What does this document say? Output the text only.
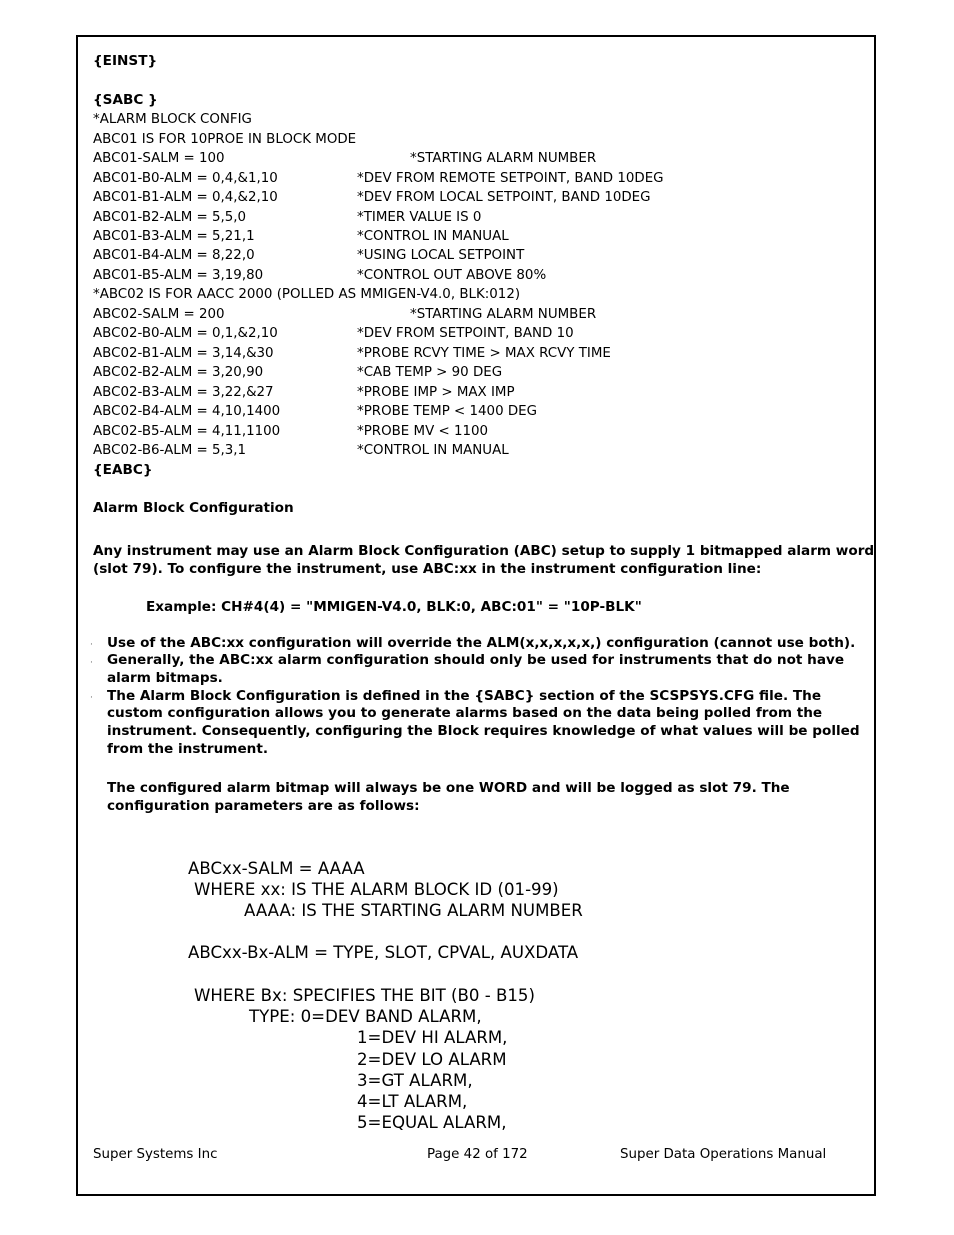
{EINST}
{SABC }
*ALARM BLOCK CONFIG
ABC01 IS FOR 10PROE IN BLOCK MODE
ABC01-SALM = 100	*STARTING ALARM NUMBER
ABC01-B0-ALM = 0,4,&1,10	*DEV FROM REMOTE SETPOINT, BAND 10DEG
ABC01-B1-ALM = 0,4,&2,10	*DEV FROM LOCAL SETPOINT, BAND 10DEG
ABC01-B2-ALM = 5,5,0	*TIMER VALUE IS 0
ABC01-B3-ALM = 5,21,1	*CONTROL IN MANUAL
ABC01-B4-ALM = 8,22,0	*USING LOCAL SETPOINT
ABC01-B5-ALM = 3,19,80	*CONTROL OUT ABOVE 80%
*ABC02 IS FOR AACC 2000 (POLLED AS MMIGEN-V4.0, BLK:012)
ABC02-SALM = 200	*STARTING ALARM NUMBER
ABC02-B0-ALM = 0,1,&2,10	*DEV FROM SETPOINT, BAND 10
ABC02-B1-ALM = 3,14,&30	*PROBE RCVY TIME > MAX RCVY TIME
ABC02-B2-ALM = 3,20,90	*CAB TEMP > 90 DEG
ABC02-B3-ALM = 3,22,&27	*PROBE IMP > MAX IMP
ABC02-B4-ALM = 4,10,1400	*PROBE TEMP < 1400 DEG
ABC02-B5-ALM = 4,11,1100	*PROBE MV < 1100
ABC02-B6-ALM = 5,3,1	*CONTROL IN MANUAL
{EABC}
Alarm Block Configuration
Any instrument may use an Alarm Block Configuration (ABC) setup to supply 1 bitmapped alarm word
(slot 79). To configure the instrument, use ABC:xx in the instrument configuration line:
Example: CH#4(4) = "MMIGEN-V4.0, BLK:0, ABC:01" = "10P-BLK"
· Use of the ABC:xx configuration will override the ALM(x,x,x,x,x,) configuration (cannot use both).
· Generally, the ABC:xx alarm configuration should only be used for instruments that do not have
alarm bitmaps.
· The Alarm Block Configuration is defined in the {SABC} section of the SCSPSYS.CFG file. The
custom configuration allows you to generate alarms based on the data being polled from the
instrument. Consequently, configuring the Block requires knowledge of what values will be polled
from the instrument.
The configured alarm bitmap will always be one WORD and will be logged as slot 79. The
configuration parameters are as follows:
ABCxx-SALM = AAAA
WHERE xx: IS THE ALARM BLOCK ID (01-99)
AAAA: IS THE STARTING ALARM NUMBER
ABCxx-Bx-ALM = TYPE, SLOT, CPVAL, AUXDATA
WHERE Bx: SPECIFIES THE BIT (B0 - B15)
TYPE: 0=DEV BAND ALARM,
1=DEV HI ALARM,
2=DEV LO ALARM
3=GT ALARM,
4=LT ALARM,
5=EQUAL ALARM,
Super Systems Inc	Page 42 of 172	Super Data Operations Manual
